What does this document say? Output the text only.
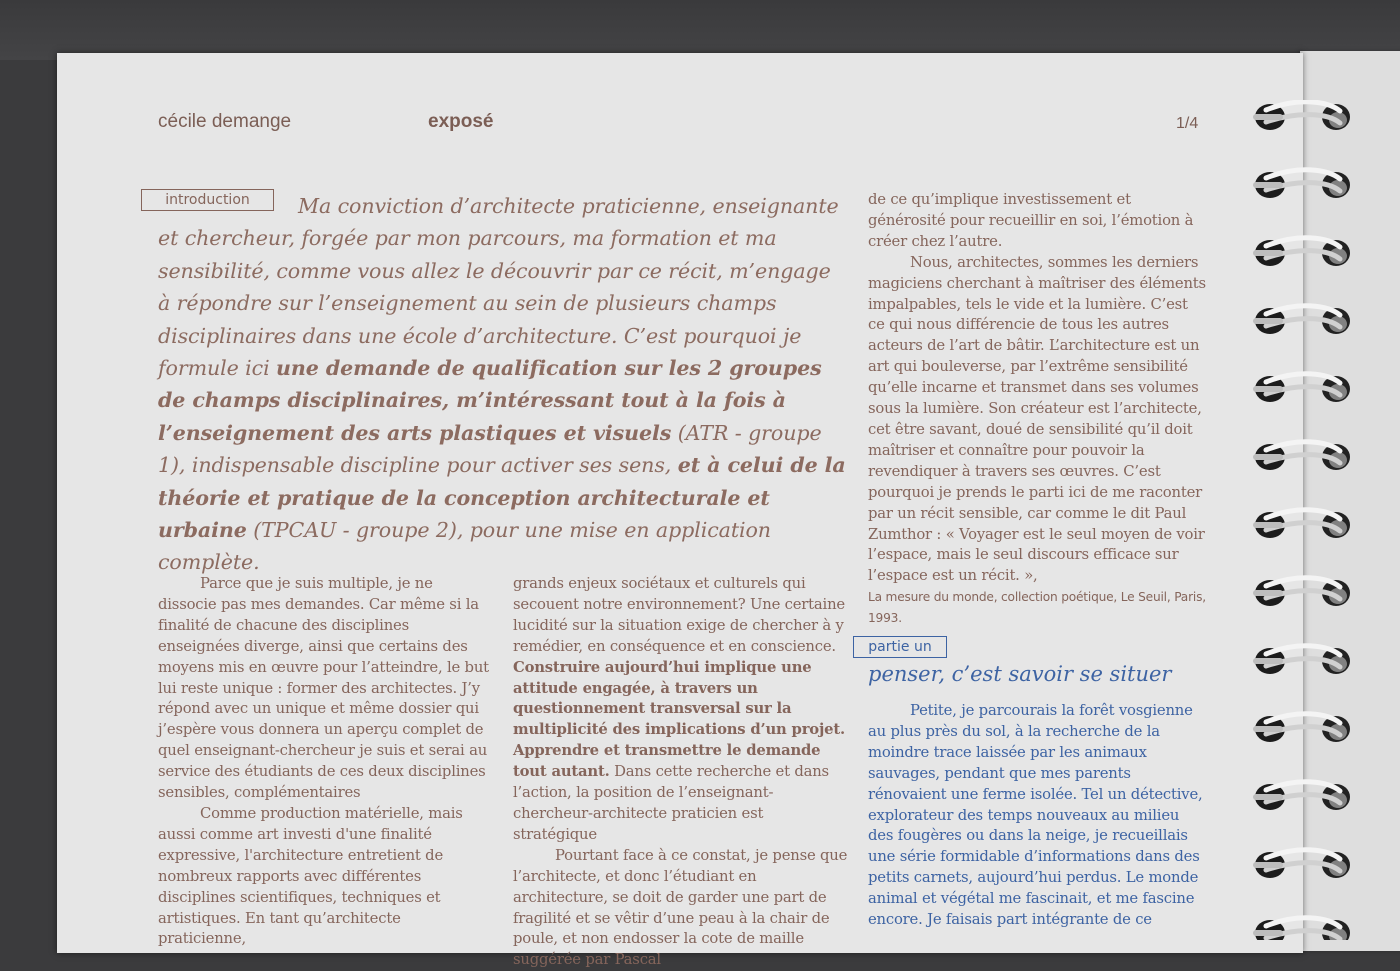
cécile demange	exposé	1/4
introduction	Ma conviction d’architecte praticienne, enseignante et chercheur, forgée par mon parcours, ma formation et ma sensibilité, comme vous allez le découvrir par ce récit, m’engage à répondre sur l’enseignement au sein de plusieurs champs disciplinaires dans une école d’architecture. C’est pourquoi je formule ici une demande de qualification sur les 2 groupes de champs disciplinaires, m’intéressant tout à la fois à l’enseignement des arts plastiques et visuels (ATR - groupe 1), indispensable discipline pour activer ses sens, et à celui de la théorie et pratique de la conception architecturale et urbaine (TPCAU - groupe 2), pour une mise en application complète.

Parce que je suis multiple, je ne dissocie pas mes demandes. Car même si la finalité de chacune des disciplines enseignées diverge, ainsi que certains des moyens mis en œuvre pour l’atteindre, le but lui reste unique : former des architectes. J’y répond avec un unique et même dossier qui j’espère vous donnera un aperçu complet de quel enseignant-chercheur je suis et serai au service des étudiants de ces deux disciplines sensibles, complémentaires

Comme production matérielle, mais aussi comme art investi d'une finalité expressive, l'architecture entretient de nombreux rapports avec différentes disciplines scientifiques, techniques et artistiques. En tant qu’architecte praticienne,

grands enjeux sociétaux et culturels qui secouent notre environnement? Une certaine lucidité sur la situation exige de chercher à y remédier, en conséquence et en conscience. Construire aujourd’hui implique une attitude engagée, à travers un questionnement transversal sur la multiplicité des implications d’un projet. Apprendre et transmettre le demande tout autant. Dans cette recherche et dans l’action, la position de l’enseignant-chercheur-architecte praticien est stratégique

Pourtant face à ce constat, je pense que l’architecte, et donc l’étudiant en architecture, se doit de garder une part de fragilité et se vêtir d’une peau à la chair de poule, et non endosser la cote de maille suggérée par Pascal

de ce qu’implique investissement et générosité pour recueillir en soi, l’émotion à créer chez l’autre.

Nous, architectes, sommes les derniers magiciens cherchant à maîtriser des éléments impalpables, tels le vide et la lumière. C’est ce qui nous différencie de tous les autres acteurs de l’art de bâtir. L’architecture est un art qui bouleverse, par l’extrême sensibilité qu’elle incarne et transmet dans ses volumes sous la lumière. Son créateur est l’architecte, cet être savant, doué de sensibilité qu’il doit maîtriser et connaître pour pouvoir la revendiquer à travers ses œuvres. C’est pourquoi je prends le parti ici de me raconter par un récit sensible, car comme le dit Paul Zumthor : « Voyager est le seul moyen de voir l’espace, mais le seul discours efficace sur l’espace est un récit. »,

La mesure du monde, collection poétique, Le Seuil, Paris, 1993.

partie un
penser, c’est savoir se situer

Petite, je parcourais la forêt vosgienne au plus près du sol, à la recherche de la moindre trace laissée par les animaux sauvages, pendant que mes parents rénovaient une ferme isolée. Tel un détective, explorateur des temps nouveaux au milieu des fougères ou dans la neige, je recueillais une série formidable d’informations dans des petits carnets, aujourd’hui perdus. Le monde animal et végétal me fascinait, et me fascine encore. Je faisais part intégrante de ce
